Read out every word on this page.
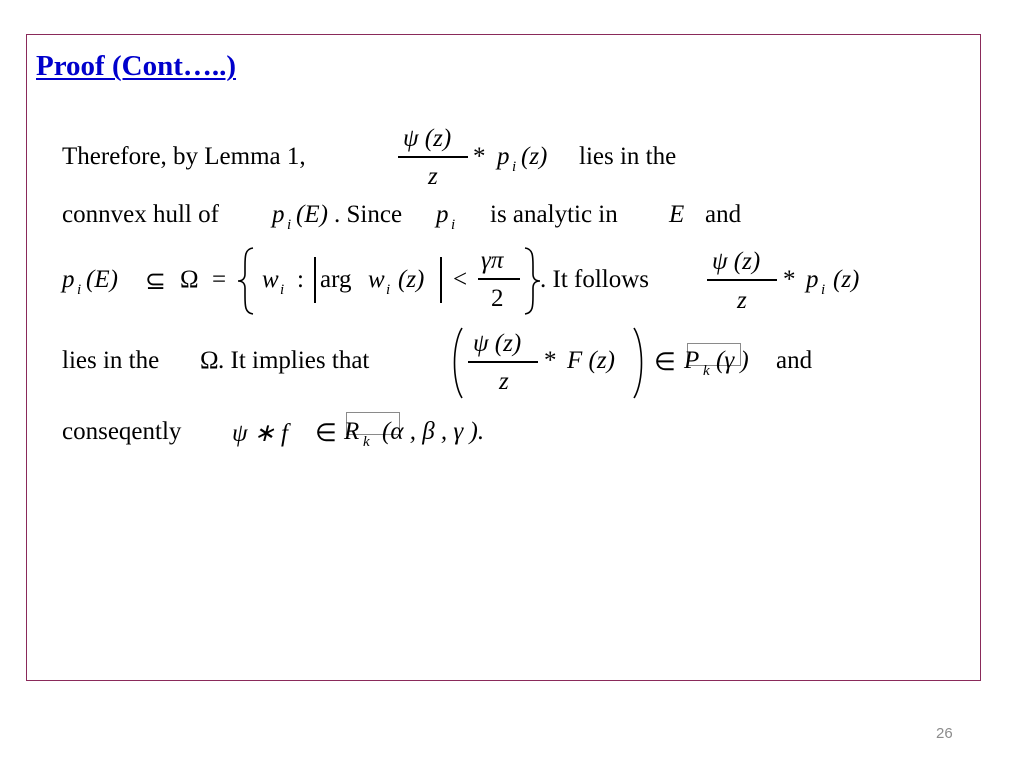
Proof (Cont…..)
Therefore, by Lemma 1,
ψ (z)
z
* p i (z) lies in the
connvex hull of p i (E) . Since p i is analytic in E and
p i (E) ⊆ Ω = w i : arg w i (z) <
γπ
2
. It follows
ψ (z)
z
* p i (z)
lies in the Ω . It implies that
ψ (z)
z
* F (z) ∈ P k (γ ) and
conseqently ψ ∗ f ∈ R k (α , β , γ ).
26
